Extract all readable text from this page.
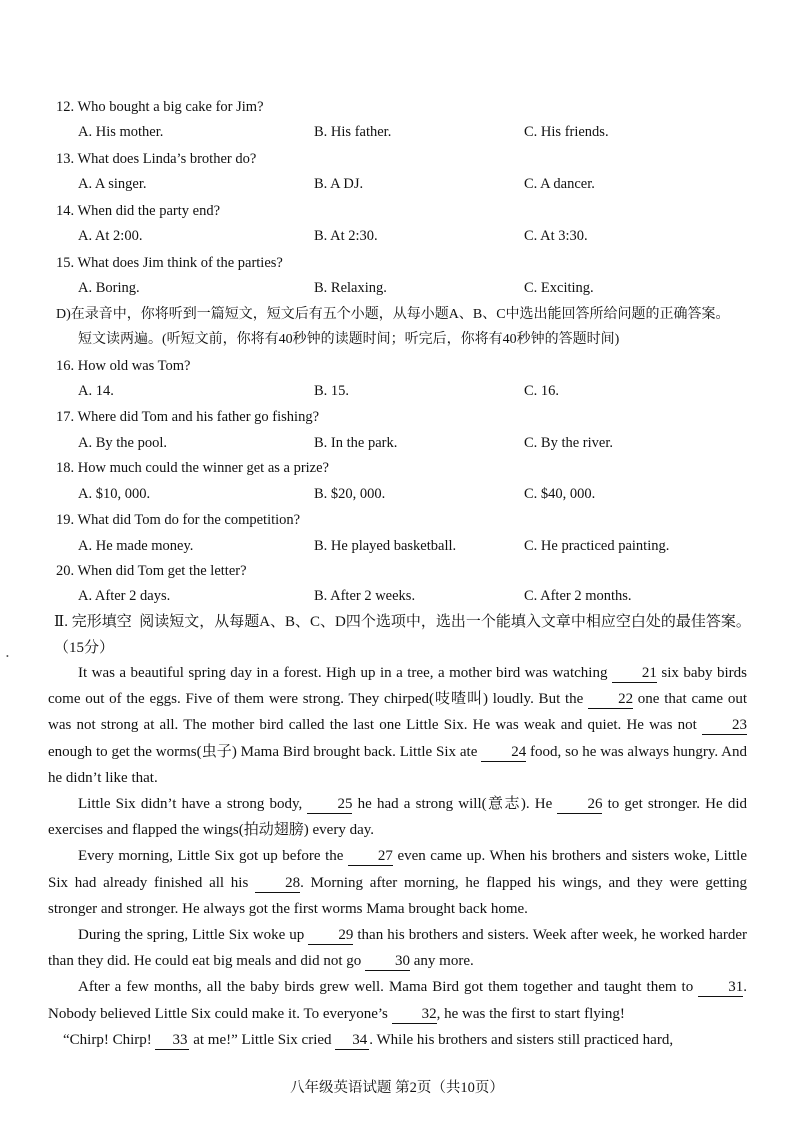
12. Who bought a big cake for Jim?
A. His mother.	B. His father.	C. His friends.
13. What does Linda’s brother do?
A. A singer.	B. A DJ.	C. A dancer.
14. When did the party end?
A. At 2:00.	B. At 2:30.	C. At 3:30.
15. What does Jim think of the parties?
A. Boring.	B. Relaxing.	C. Exciting.
D)在录音中，你将听到一篇短文，短文后有五个小题，从每小题A、B、C中选出能回答所给问题的正确答案。
短文读两遍。(听短文前，你将有40秒钟的读题时间；听完后，你将有40秒钟的答题时间)
16. How old was Tom?
A. 14.	B. 15.	C. 16.
17. Where did Tom and his father go fishing?
A. By the pool.	B. In the park.	C. By the river.
18. How much could the winner get as a prize?
A. $10, 000.	B. $20, 000.	C. $40, 000.
19. What did Tom do for the competition?
A. He made money.	B. He played basketball.	C. He practiced painting.
20. When did Tom get the letter?
A. After 2 days.	B. After 2 weeks.	C. After 2 months.
•
Ⅱ. 完形填空 阅读短文，从每题A、B、C、D四个选项中，选出一个能填入文章中相应空白处的最佳答案。（15分）

It was a beautiful spring day in a forest. High up in a tree, a mother bird was watching 21 six baby birds come out of the eggs. Five of them were strong. They chirped(吱喳叫) loudly. But the 22 one that came out was not strong at all. The mother bird called the last one Little Six. He was weak and quiet. He was not 23 enough to get the worms(虫子) Mama Bird brought back. Little Six ate 24 food, so he was always hungry. And he didn’t like that.

Little Six didn’t have a strong body, 25 he had a strong will(意志). He 26 to get stronger. He did exercises and flapped the wings(拍动翅膀) every day.

Every morning, Little Six got up before the 27 even came up. When his brothers and sisters woke, Little Six had already finished all his 28. Morning after morning, he flapped his wings, and they were getting stronger and stronger. He always got the first worms Mama brought back home.

During the spring, Little Six woke up 29 than his brothers and sisters. Week after week, he worked harder than they did. He could eat big meals and did not go 30 any more.

After a few months, all the baby birds grew well. Mama Bird got them together and taught them to 31. Nobody believed Little Six could make it. To everyone’s 32, he was the first to start flying!

“Chirp! Chirp! 33 at me!” Little Six cried 34 . While his brothers and sisters still practiced hard,

八年级英语试题 第2页（共10页）
